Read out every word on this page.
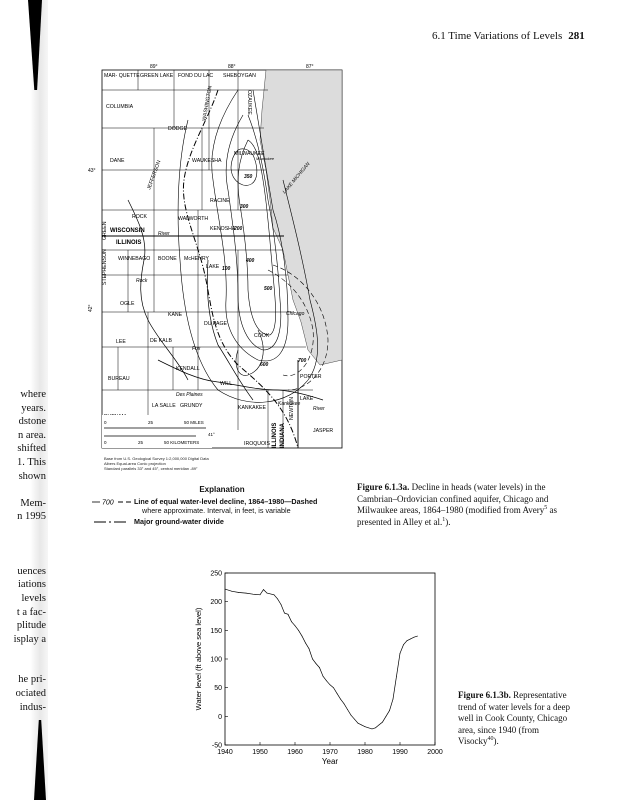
where
years.
dstone
n area.
shifted
1. This
shown

Mem-
n 1995

uences
iations
levels
t a fac-
plitude
isplay a

he pri-
ociated
indus-
6.1 Time Variations of Levels 281
89°	88°	87°
43°
42°
MAR- QUETTE GREEN LAKE FOND DU LAC SHEBOYGAN
COLUMBIA
DODGE
WASHINGTON	OZAUKEE
DANE	JEFFERSON	WAUKESHA
MILWAUKEE
ROCK	WALWORTH
RACINE
KENOSHA
GREEN
STEPHENSON WINNEBAGO BOONE McHENRY
LAKE
OGLE
KANE
DU PAGE
COOK
LEE	DE KALB
BUREAU
KENDALL
WILL
LA SALLE GRUNDY	KANKAKEE
PORTER
LAKE
JASPER
IROQUOIS
NEWTON
WISCONSIN
ILLINOIS
ILLINOIS INDIANA
LAKE MICHIGAN
Chicago
Milwaukee
Rock
Fox
Des Plaines
Kankakee
River
River
100
200
300
350
400
500
600
700
0	25	50 MILES
0	25	50 KILOMETERS
41°
Base from U.S. Geological Survey 1:2,000,000 Digital Data
Albers Equal-area Conic projection
Standard parallels 33° and 45°, central meridian -89°
Explanation
700	Line of equal water-level decline, 1864–1980—Dashed
where approximate. Interval, in feet, is variable
Major ground-water divide
Figure 6.1.3a. Decline in heads (water levels) in the Cambrian–Ordovician confined aquifer, Chicago and Milwaukee areas, 1864–1980 (modified from Avery$^5$ as presented in Alley et al.$^1$).
1940	1950	1960	1970	1980	1990	2000
-50
0
50
100
150
200
250
Year
Water level (ft above sea level)	Figure 6.1.3b. Representative trend of water levels for a deep well in Cook County, Chicago area, since 1940 (from Visocky$^{40}$).
